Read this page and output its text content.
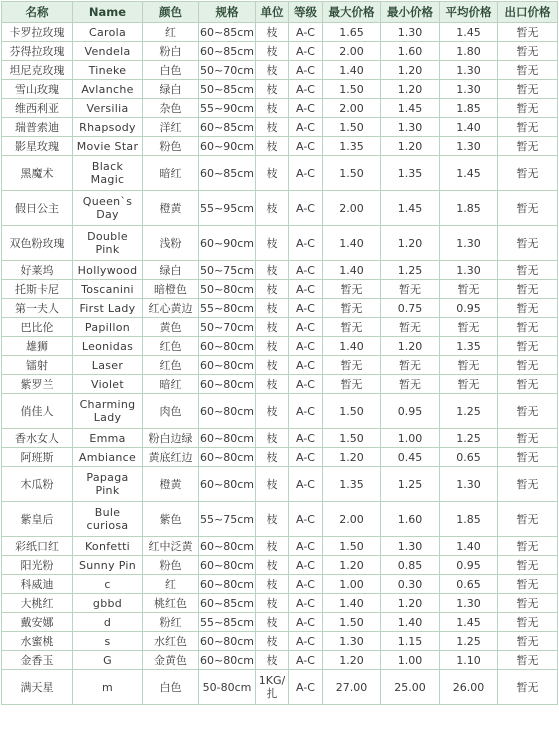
名称	Name	颜色	规格	单位	等级	最大价格	最小价格	平均价格	出口价格
卡罗拉玫瑰	Carola	红	60~85cm	枝	A-C	1.65	1.30	1.45	暂无
芬得拉玫瑰	Vendela	粉白	60~85cm	枝	A-C	2.00	1.60	1.80	暂无
坦尼克玫瑰	Tineke	白色	50~70cm	枝	A-C	1.40	1.20	1.30	暂无
雪山玫瑰	Avlanche	绿白	50~85cm	枝	A-C	1.50	1.20	1.30	暂无
维西利亚	Versilia	杂色	55~90cm	枝	A-C	2.00	1.45	1.85	暂无
瑞普索迪	Rhapsody	洋红	60~85cm	枝	A-C	1.50	1.30	1.40	暂无
影星玫瑰	Movie Star	粉色	60~90cm	枝	A-C	1.35	1.20	1.30	暂无
黑魔术	Black Magic	暗红	60~85cm	枝	A-C	1.50	1.35	1.45	暂无
假日公主	Queen`s Day	橙黄	55~95cm	枝	A-C	2.00	1.45	1.85	暂无
双色粉玫瑰	Double Pink	浅粉	60~90cm	枝	A-C	1.40	1.20	1.30	暂无
好莱坞	Hollywood	绿白	50~75cm	枝	A-C	1.40	1.25	1.30	暂无
托斯卡尼	Toscanini	暗橙色	50~80cm	枝	A-C	暂无	暂无	暂无	暂无
第一夫人	First Lady	红心黄边	55~80cm	枝	A-C	暂无	0.75	0.95	暂无
巴比伦	Papillon	黄色	50~70cm	枝	A-C	暂无	暂无	暂无	暂无
雄狮	Leonidas	红色	60~80cm	枝	A-C	1.40	1.20	1.35	暂无
镭射	Laser	红色	60~80cm	枝	A-C	暂无	暂无	暂无	暂无
紫罗兰	Violet	暗红	60~80cm	枝	A-C	暂无	暂无	暂无	暂无
俏佳人	Charming Lady	肉色	60~80cm	枝	A-C	1.50	0.95	1.25	暂无
香水女人	Emma	粉白边绿	60~80cm	枝	A-C	1.50	1.00	1.25	暂无
阿班斯	Ambiance	黄底红边	60~80cm	枝	A-C	1.20	0.45	0.65	暂无
木瓜粉	Papaga Pink	橙黄	60~80cm	枝	A-C	1.35	1.25	1.30	暂无
紫皇后	Bule curiosa	紫色	55~75cm	枝	A-C	2.00	1.60	1.85	暂无
彩纸口红	Konfetti	红中泛黄	60~80cm	枝	A-C	1.50	1.30	1.40	暂无
阳光粉	Sunny Pin	粉色	60~80cm	枝	A-C	1.20	0.85	0.95	暂无
科威迪	c	红	60~80cm	枝	A-C	1.00	0.30	0.65	暂无
大桃红	gbbd	桃红色	60~85cm	枝	A-C	1.40	1.20	1.30	暂无
戴安娜	d	粉红	55~85cm	枝	A-C	1.50	1.40	1.45	暂无
水蜜桃	s	水红色	60~80cm	枝	A-C	1.30	1.15	1.25	暂无
金香玉	G	金黄色	60~80cm	枝	A-C	1.20	1.00	1.10	暂无
满天星	m	白色	50-80cm	1KG/扎	A-C	27.00	25.00	26.00	暂无
